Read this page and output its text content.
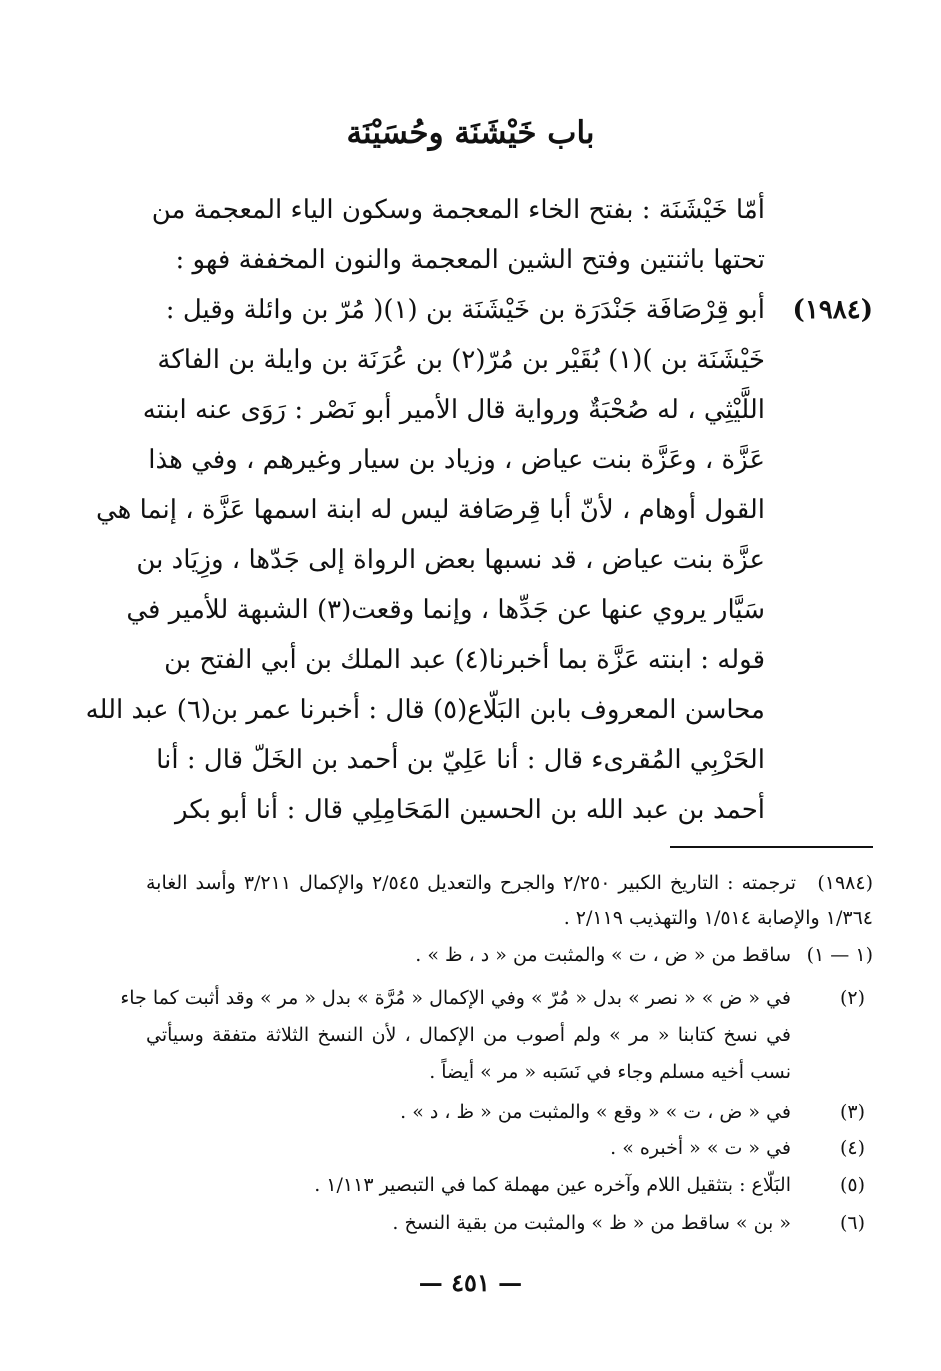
باب خَيْشَنَة وحُسَيْنَة
أمّا خَيْشَنَة : بفتح الخاء المعجمة وسكون الياء المعجمة من
تحتها باثنتين وفتح الشين المعجمة والنون المخففة فهو :
(١٩٨٤)
أبو قِرْصَافَة جَنْدَرَة بن خَيْشَنَة بن (١)( مُرّ بن وائلة وقيل :
خَيْشَنَة بن )(١) بُقَيْر بن مُرّ(٢) بن عُرَنَة بن وايلة بن الفاكة
اللَّيْثِي ، له صُحْبَةٌ ورواية قال الأمير أبو نَصْر : رَوَى عنه ابنته
عَزَّة ، وعَزَّة بنت عياض ، وزياد بن سيار وغيرهم ، وفي هذا
القول أوهام ، لأنّ أبا قِرصَافة ليس له ابنة اسمها عَزَّة ، إنما هي
عزَّة بنت عياض ، قد نسبها بعض الرواة إلى جَدّها ، وزِيَاد بن
سَيَّار يروي عنها عن جَدِّها ، وإنما وقعت(٣) الشبهة للأمير في
قوله : ابنته عَزَّة بما أخبرنا(٤) عبد الملك بن أبي الفتح بن
محاسن المعروف بابن البَلّاع(٥) قال : أخبرنا عمر بن(٦) عبد الله
الحَرْبِي المُقرىء قال : أنا عَلِيّ بن أحمد بن الخَلّ قال : أنا
أحمد بن عبد الله بن الحسين المَحَامِلِي قال : أنا أبو بكر
(١٩٨٤)
ترجمته : التاريخ الكبير ٢/٢٥٠ والجرح والتعديل ٢/٥٤٥ والإكمال ٣/٢١١ وأسد الغابة
١/٣٦٤ والإصابة ١/٥١٤ والتهذيب ٢/١١٩ .
(١ — ١)
ساقط من « ض ، ت » والمثبت من « د ، ظ » .
(٢)
في « ض » « نصر » بدل « مُرّ » وفي الإكمال « مُرَّة » بدل « مر » وقد أثبت كما جاء
في نسخ كتابنا « مر » ولم أصوب من الإكمال ، لأن النسخ الثلاثة متفقة وسيأتي
نسب أخيه مسلم وجاء في نَسَبه « مر » أيضاً .
(٣)
في « ض ، ت » « وقع » والمثبت من « ظ ، د » .
(٤)
في « ت » « أخبره » .
(٥)
البَلّاع : بتثقيل اللام وآخره عين مهملة كما في التبصير ١/١١٣ .
(٦)
« بن » ساقط من « ظ » والمثبت من بقية النسخ .
— ٤٥١ —
